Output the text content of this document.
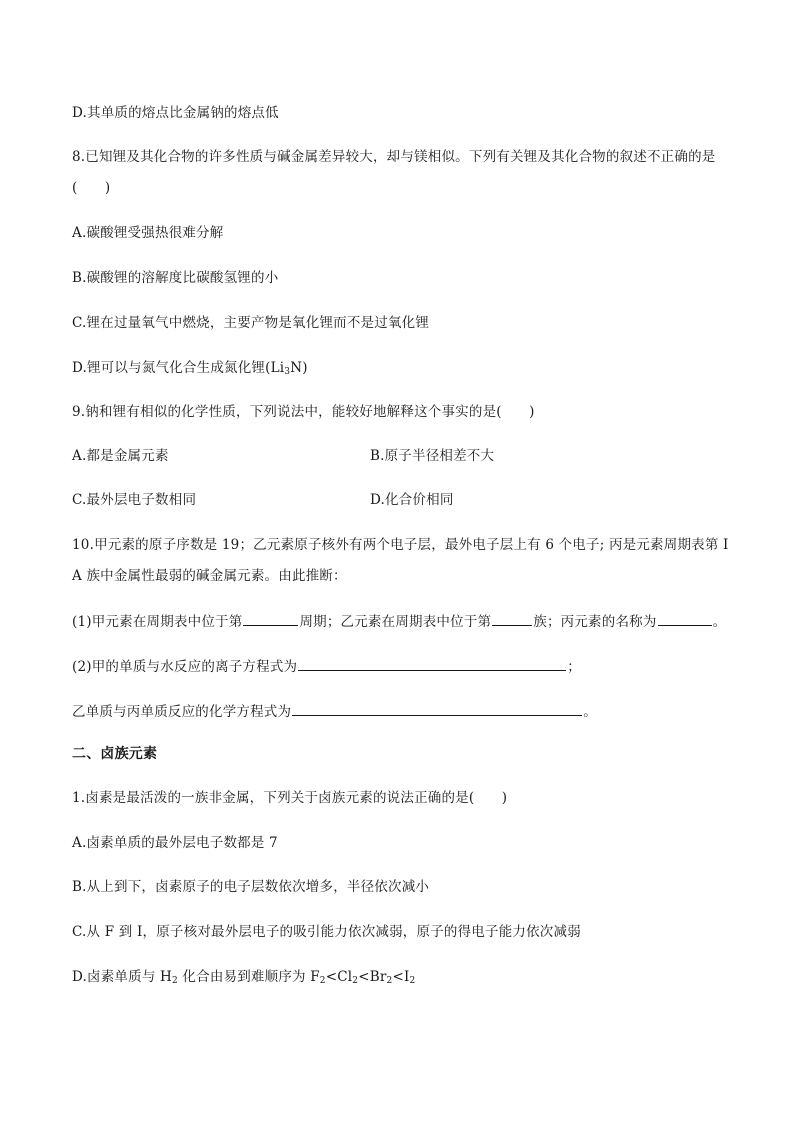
D.其单质的熔点比金属钠的熔点低
8.已知锂及其化合物的许多性质与碱金属差异较大，却与镁相似。下列有关锂及其化合物的叙述不正确的是
(　　)
A.碳酸锂受强热很难分解
B.碳酸锂的溶解度比碳酸氢锂的小
C.锂在过量氧气中燃烧，主要产物是氧化锂而不是过氧化锂
D.锂可以与氮气化合生成氮化锂$(Li_3N)$
9.钠和锂有相似的化学性质，下列说法中，能较好地解释这个事实的是(　　)
A.都是金属元素	B.原子半径相差不大
C.最外层电子数相同	D.化合价相同
10.甲元素的原子序数是 19；乙元素原子核外有两个电子层，最外电子层上有 6 个电子; 丙是元素周期表第 I
A 族中金属性最弱的碱金属元素。由此推断：
(1)甲元素在周期表中位于第	周期；乙元素在周期表中位于第	族；丙元素的名称为	。
(2)甲的单质与水反应的离子方程式为	；
乙单质与丙单质反应的化学方程式为	。
二、卤族元素
1.卤素是最活泼的一族非金属，下列关于卤族元素的说法正确的是(　　)
A.卤素单质的最外层电子数都是 7
B.从上到下，卤素原子的电子层数依次增多，半径依次减小
C.从 F 到 I，原子核对最外层电子的吸引能力依次减弱，原子的得电子能力依次减弱
D.卤素单质与 $H_2$ 化合由易到难顺序为 $F_2<Cl_2<Br_2<I_2$
